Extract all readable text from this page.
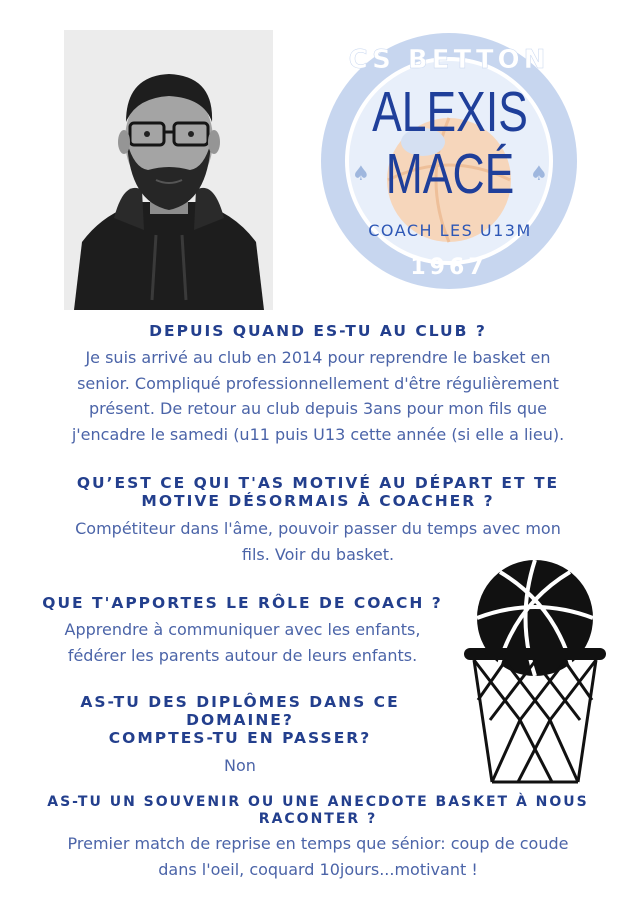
♠	♠
CS BETTON
1967
ALEXIS
MACÉ
COACH LES U13M
DEPUIS QUAND ES-TU AU CLUB ?
Je suis arrivé au club en 2014 pour reprendre le basket en
senior. Compliqué professionnellement d'être régulièrement
présent. De retour au club depuis 3ans pour mon fils que
j'encadre le samedi (u11 puis U13 cette année (si elle a lieu).
QU’EST CE QUI T'AS MOTIVÉ AU DÉPART ET TE
MOTIVE DÉSORMAIS À COACHER ?
Compétiteur dans l'âme, pouvoir passer du temps avec mon
fils. Voir du basket.
QUE T'APPORTES LE RÔLE DE COACH ?
Apprendre à communiquer avec les enfants,
fédérer les parents autour de leurs enfants.
AS-TU DES DIPLÔMES DANS CE
DOMAINE?
COMPTES-TU EN PASSER?
Non
AS-TU UN SOUVENIR OU UNE ANECDOTE BASKET À NOUS
RACONTER ?
Premier match de reprise en temps que sénior: coup de coude
dans l'oeil, coquard 10jours...motivant !
